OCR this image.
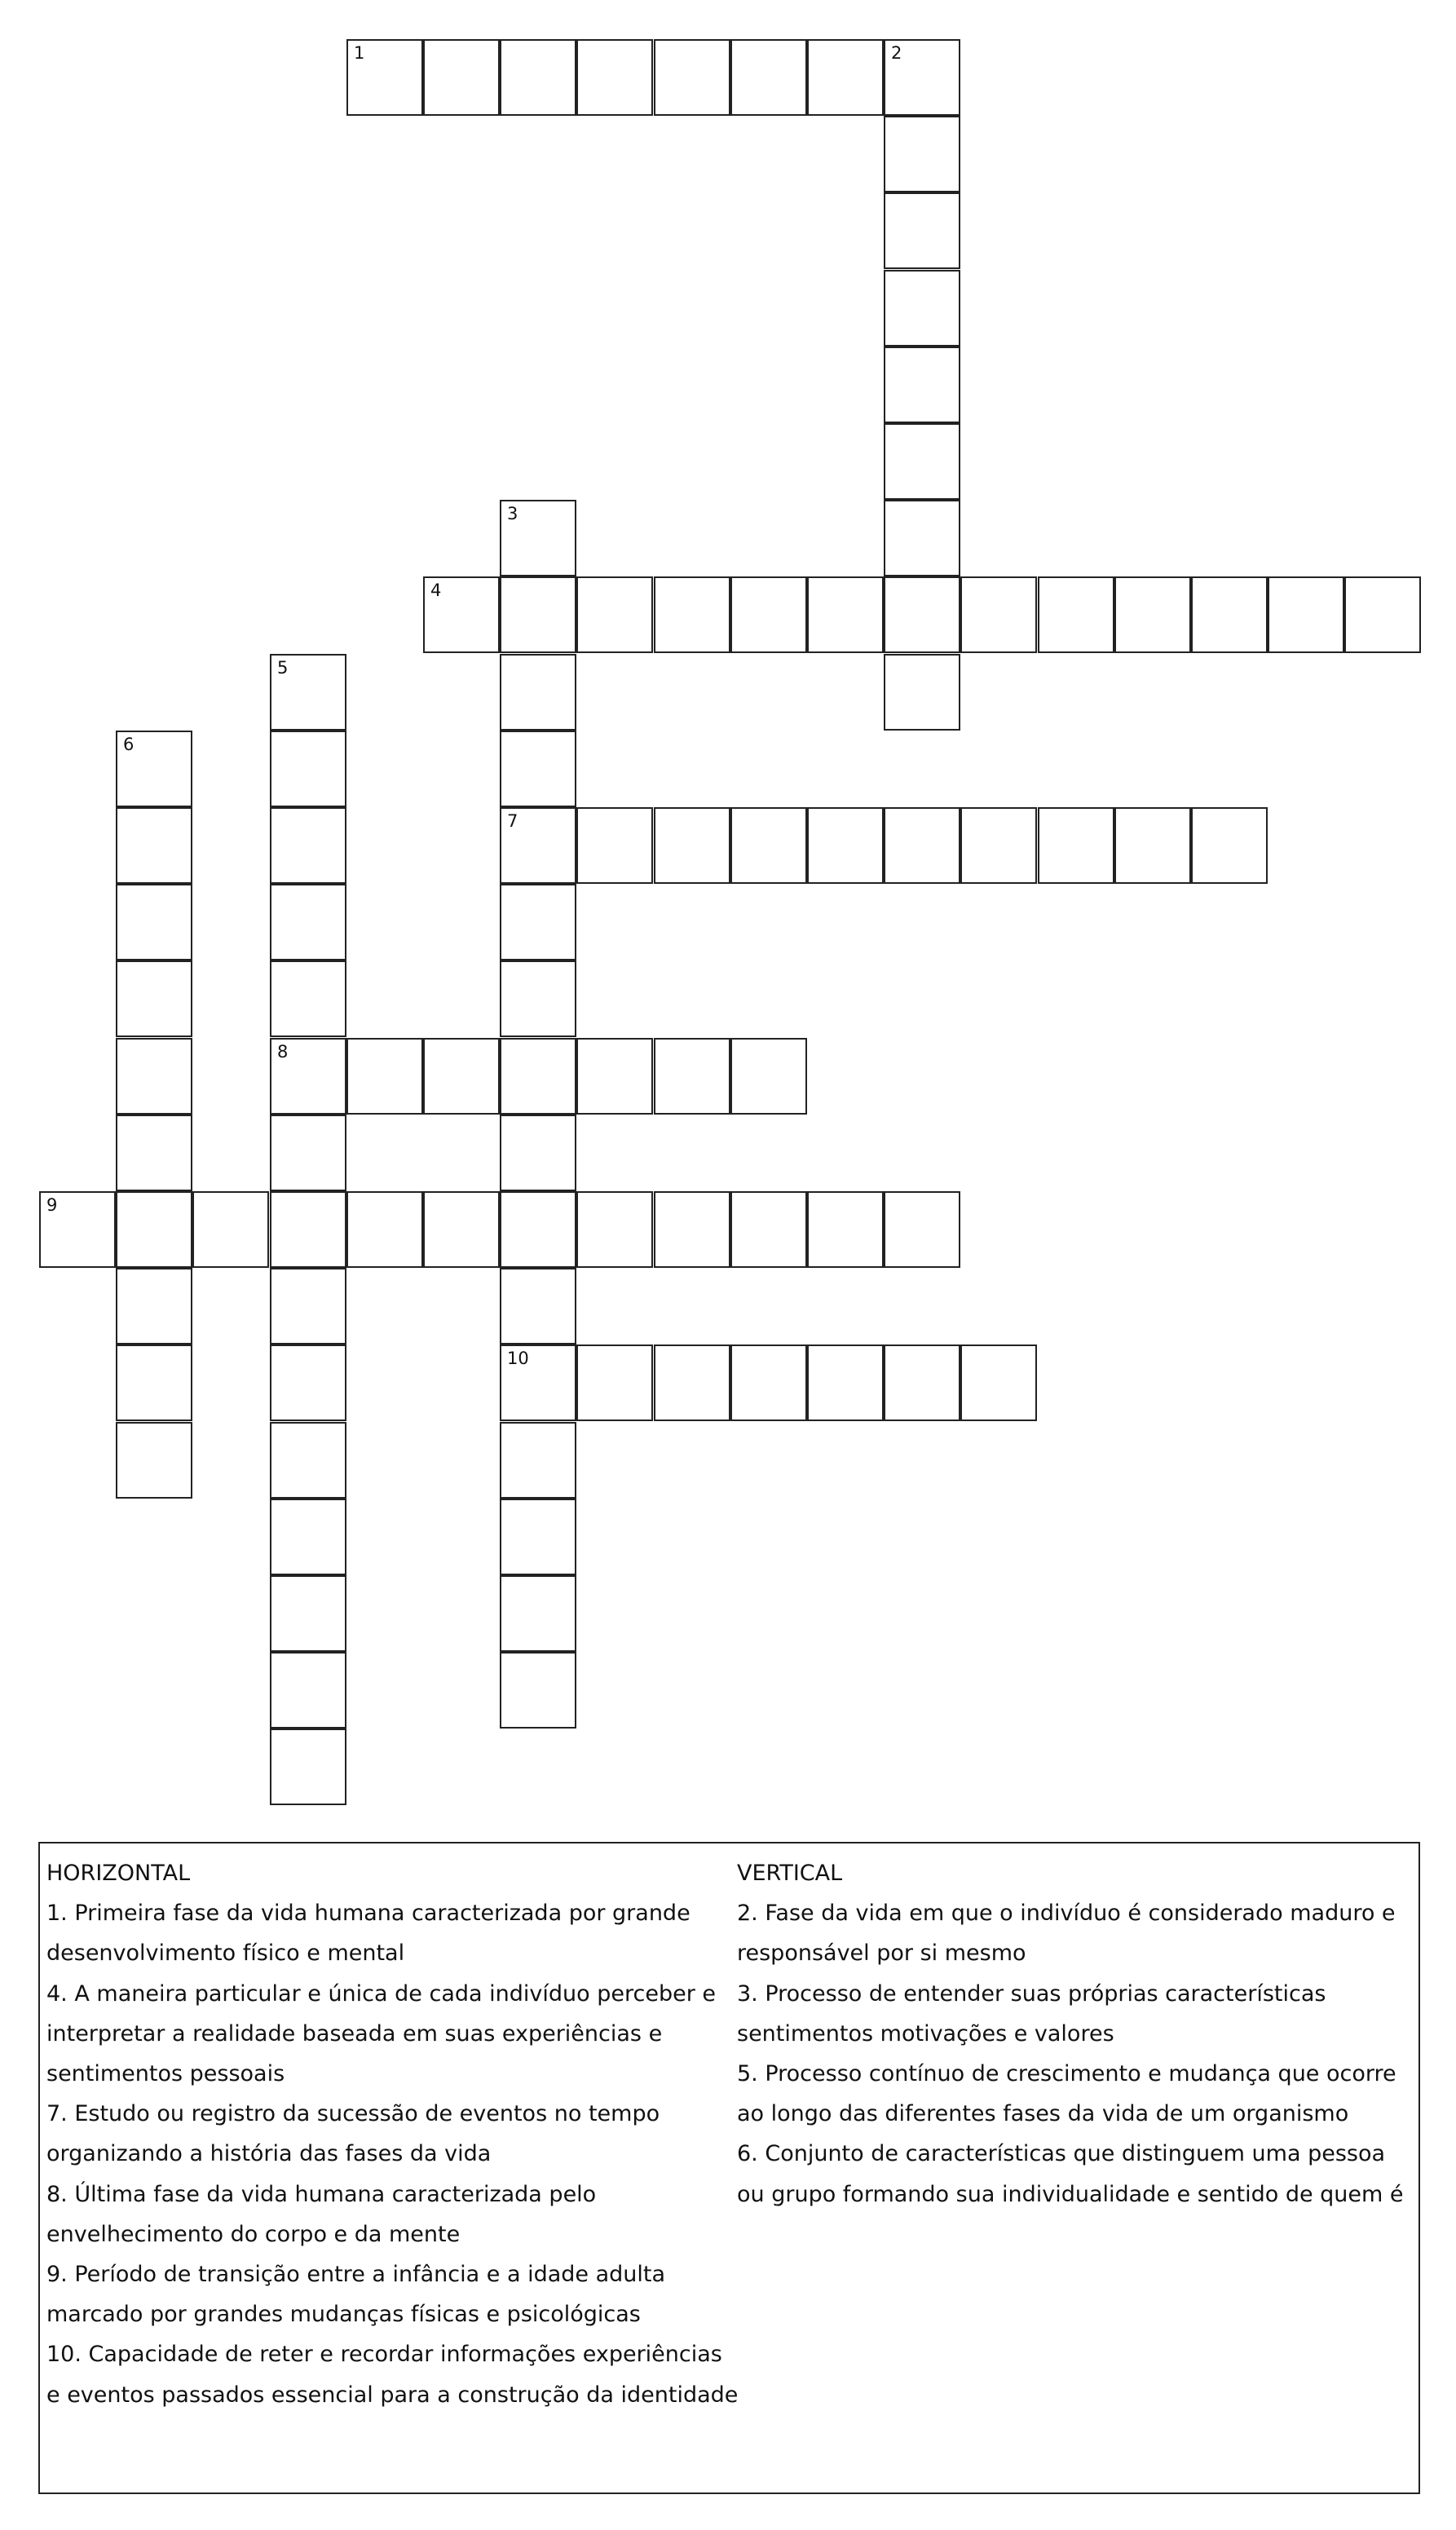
1	2
3
7
10
4
5
8
6
9

HORIZONTAL

1. Primeira fase da vida humana caracterizada por grande desenvolvimento físico e mental

4. A maneira particular e única de cada indivíduo perceber e interpretar a realidade baseada em suas experiências e sentimentos pessoais

7. Estudo ou registro da sucessão de eventos no tempo organizando a história das fases da vida

8. Última fase da vida humana caracterizada pelo envelhecimento do corpo e da mente

9. Período de transição entre a infância e a idade adulta marcado por grandes mudanças físicas e psicológicas

10. Capacidade de reter e recordar informações experiências e eventos passados essencial para a construção da identidade

VERTICAL

2. Fase da vida em que o indivíduo é considerado maduro e responsável por si mesmo

3. Processo de entender suas próprias características sentimentos motivações e valores

5. Processo contínuo de crescimento e mudança que ocorre ao longo das diferentes fases da vida de um organismo

6. Conjunto de características que distinguem uma pessoa ou grupo formando sua individualidade e sentido de quem é
